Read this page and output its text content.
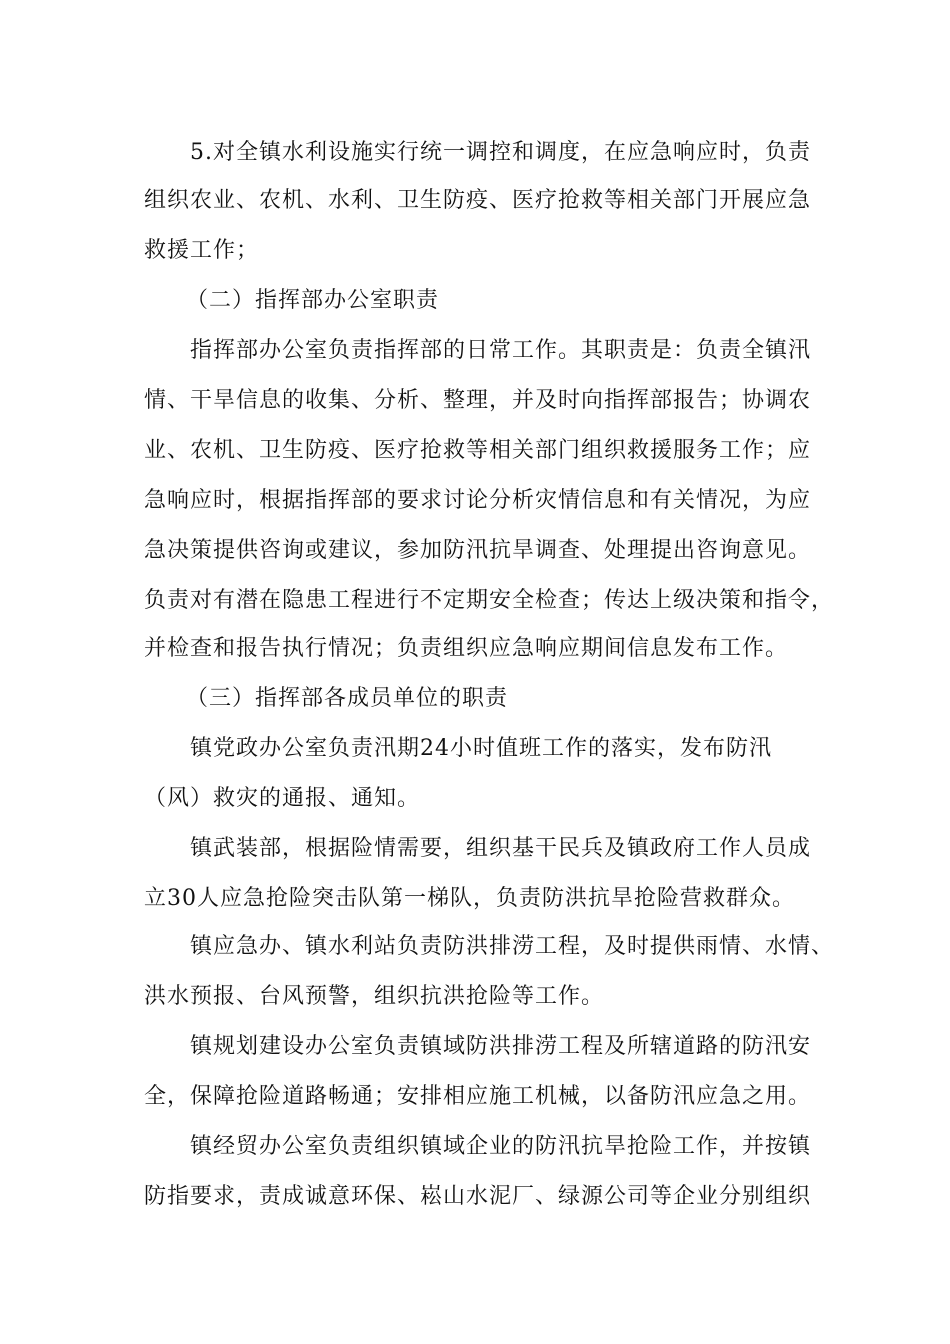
5.对全镇水利设施实行统一调控和调度，在应急响应时，负责
组织农业、农机、水利、卫生防疫、医疗抢救等相关部门开展应急
救援工作；
（二）指挥部办公室职责
指挥部办公室负责指挥部的日常工作。其职责是：负责全镇汛
情、干旱信息的收集、分析、整理，并及时向指挥部报告；协调农
业、农机、卫生防疫、医疗抢救等相关部门组织救援服务工作；应
急响应时，根据指挥部的要求讨论分析灾情信息和有关情况，为应
急决策提供咨询或建议，参加防汛抗旱调查、处理提出咨询意见。
负责对有潜在隐患工程进行不定期安全检查；传达上级决策和指令，
并检查和报告执行情况；负责组织应急响应期间信息发布工作。
（三）指挥部各成员单位的职责
镇党政办公室负责汛期24小时值班工作的落实，发布防汛
（风）救灾的通报、通知。
镇武装部，根据险情需要，组织基干民兵及镇政府工作人员成
立30人应急抢险突击队第一梯队，负责防洪抗旱抢险营救群众。
镇应急办、镇水利站负责防洪排涝工程，及时提供雨情、水情、
洪水预报、台风预警，组织抗洪抢险等工作。
镇规划建设办公室负责镇域防洪排涝工程及所辖道路的防汛安
全，保障抢险道路畅通；安排相应施工机械，以备防汛应急之用。
镇经贸办公室负责组织镇域企业的防汛抗旱抢险工作，并按镇
防指要求，责成诚意环保、崧山水泥厂、绿源公司等企业分别组织
